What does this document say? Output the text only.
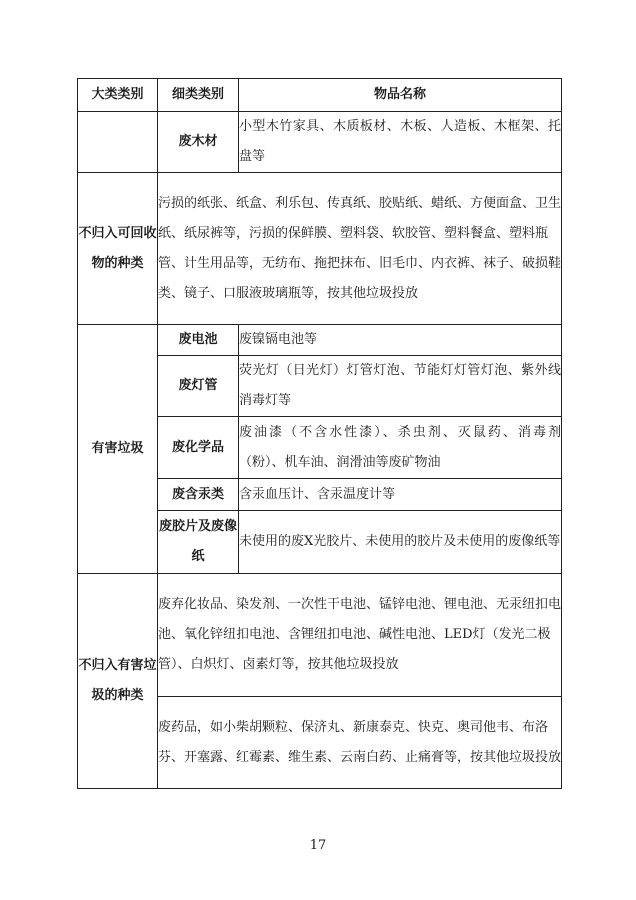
大类类别	细类类别	物品名称
	废木材	小型木竹家具、木质板材、木板、人造板、木框架、托盘等
不归入可回收物的种类	污损的纸张、纸盒、利乐包、传真纸、胶贴纸、蜡纸、方便面盒、卫生纸、纸尿裤等，污损的保鲜膜、塑料袋、软胶管、塑料餐盒、塑料瓶管、计生用品等，无纺布、拖把抹布、旧毛巾、内衣裤、袜子、破损鞋类、镜子、口服液玻璃瓶等，按其他垃圾投放	
有害垃圾	废电池	废镍镉电池等
	废灯管	荧光灯（日光灯）灯管灯泡、节能灯灯管灯泡、紫外线消毒灯等
	废化学品	废油漆（不含水性漆）、杀虫剂、灭鼠药、消毒剂（粉）、机车油、润滑油等废矿物油
	废含汞类	含汞血压计、含汞温度计等
	废胶片及废像纸	未使用的废X光胶片、未使用的胶片及未使用的废像纸等
不归入有害垃圾的种类	废弃化妆品、染发剂、一次性干电池、锰锌电池、锂电池、无汞纽扣电池、氧化锌纽扣电池、含锂纽扣电池、碱性电池、LED灯（发光二极管）、白炽灯、卤素灯等，按其他垃圾投放	
	废药品，如小柴胡颗粒、保济丸、新康泰克、快克、奥司他韦、布洛芬、开塞露、红霉素、维生素、云南白药、止痛膏等，按其他垃圾投放	
17
